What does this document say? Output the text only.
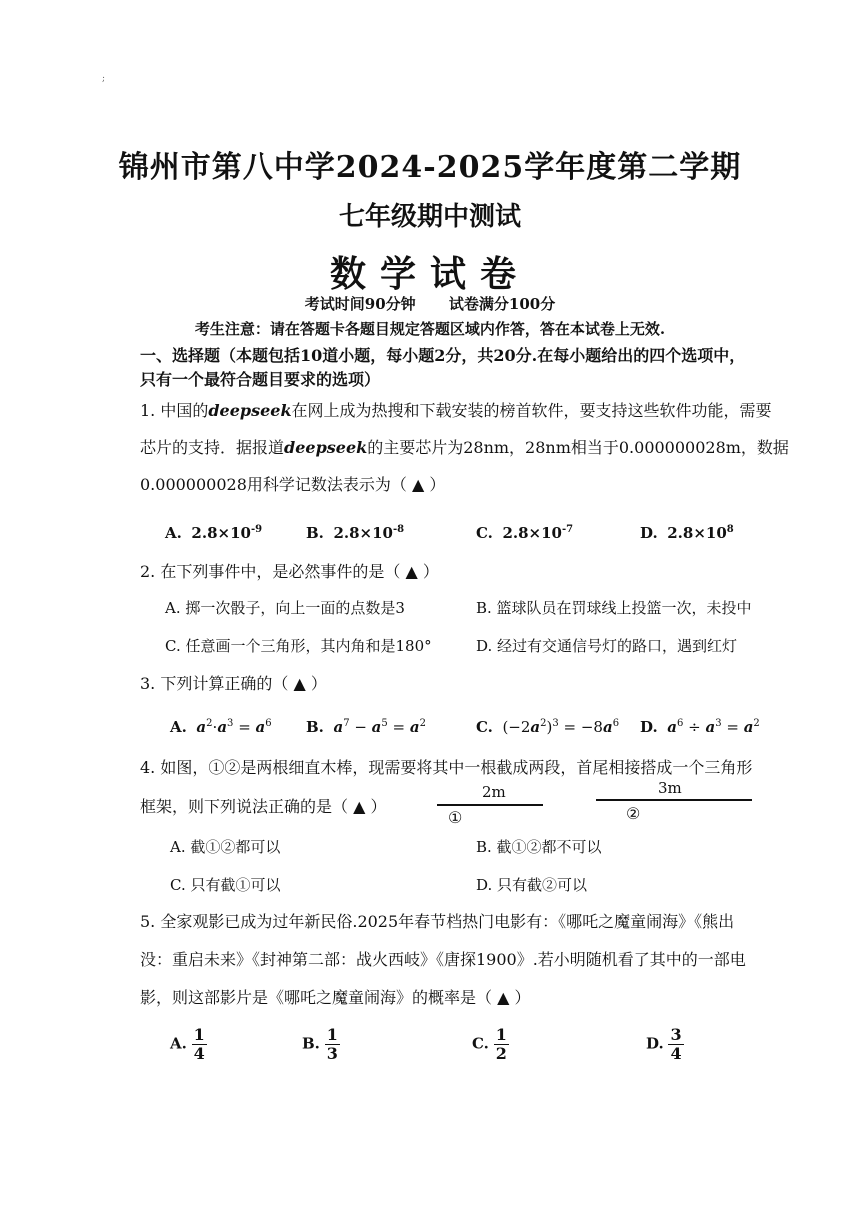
;
锦州市第八中学2024-2025学年度第二学期
七年级期中测试
数学试卷
考试时间90分钟 试卷满分100分
考生注意：请在答题卡各题目规定答题区域内作答，答在本试卷上无效.
一、选择题（本题包括10道小题，每小题2分，共20分.在每小题给出的四个选项中，
只有一个最符合题目要求的选项）
1. 中国的deepseek在网上成为热搜和下载安装的榜首软件，要支持这些软件功能，需要
芯片的支持．据报道deepseek的主要芯片为28nm，28nm相当于0.000000028m，数据
0.000000028用科学记数法表示为（ ▲ ）
A. $2.8\times 10^{-9}$	B. $2.8\times 10^{-8}$	C. $2.8\times 10^{-7}$	D. $2.8\times 10^8$
2. 在下列事件中，是必然事件的是（ ▲ ）
A. 掷一次骰子，向上一面的点数是3	B. 篮球队员在罚球线上投篮一次，未投中
C. 任意画一个三角形，其内角和是180°	D. 经过有交通信号灯的路口，遇到红灯
3. 下列计算正确的（ ▲ ）
A. $a^2\cdot a^3 = a^6$ B. $a^7 - a^5 = a^2$	C.  $(-2a^2)^3 = -8a^6$ D. $a^6 \div a^3 = a^2$
4. 如图，①②是两根细直木棒，现需要将其中一根截成两段，首尾相接搭成一个三角形
框架，则下列说法正确的是（ ▲ ）
2m
①
3m
②
A. 截①②都可以	B. 截①②都不可以
C. 只有截①可以	D. 只有截②可以
5. 全家观影已成为过年新民俗.2025年春节档热门电影有：《哪吒之魔童闹海》《熊出
没：重启未来》《封神第二部：战火西岐》《唐探1900》.若小明随机看了其中的一部电
影，则这部影片是《哪吒之魔童闹海》的概率是（ ▲ ）
A. $\frac{1}{4}$	B. $\frac{1}{3}$	C. $\frac{1}{2}$	D. $\frac{3}{4}$
